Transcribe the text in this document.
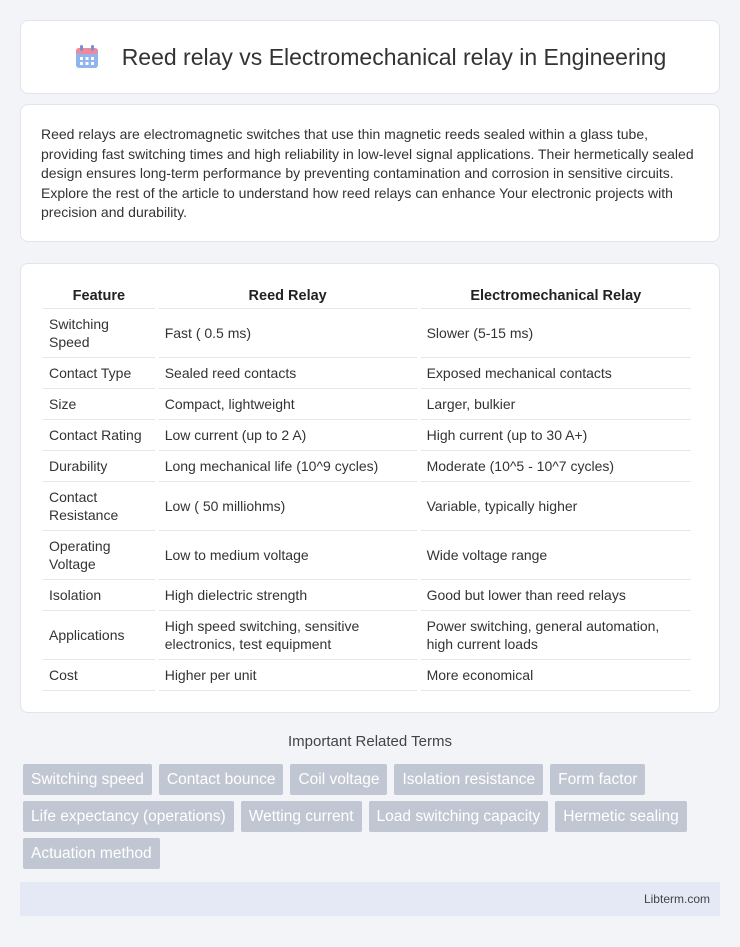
Reed relay vs Electromechanical relay in Engineering

Reed relays are electromagnetic switches that use thin magnetic reeds sealed within a glass tube, providing fast switching times and high reliability in low-level signal applications. Their hermetically sealed design ensures long-term performance by preventing contamination and corrosion in sensitive circuits. Explore the rest of the article to understand how reed relays can enhance Your electronic projects with precision and durability.

Feature	Reed Relay	Electromechanical Relay
Switching Speed	Fast ( 0.5 ms)	Slower (5-15 ms)
Contact Type	Sealed reed contacts	Exposed mechanical contacts
Size	Compact, lightweight	Larger, bulkier
Contact Rating	Low current (up to 2 A)	High current (up to 30 A+)
Durability	Long mechanical life (10^9 cycles)	Moderate (10^5 - 10^7 cycles)
Contact Resistance	Low ( 50 milliohms)	Variable, typically higher
Operating Voltage	Low to medium voltage	Wide voltage range
Isolation	High dielectric strength	Good but lower than reed relays
Applications	High speed switching, sensitive electronics, test equipment	Power switching, general automation, high current loads
Cost	Higher per unit	More economical
Important Related Terms
Switching speed	Contact bounce	Coil voltage	Isolation resistance	Form factor
Life expectancy (operations)	Wetting current	Load switching capacity	Hermetic sealing
Actuation method
Libterm.com
